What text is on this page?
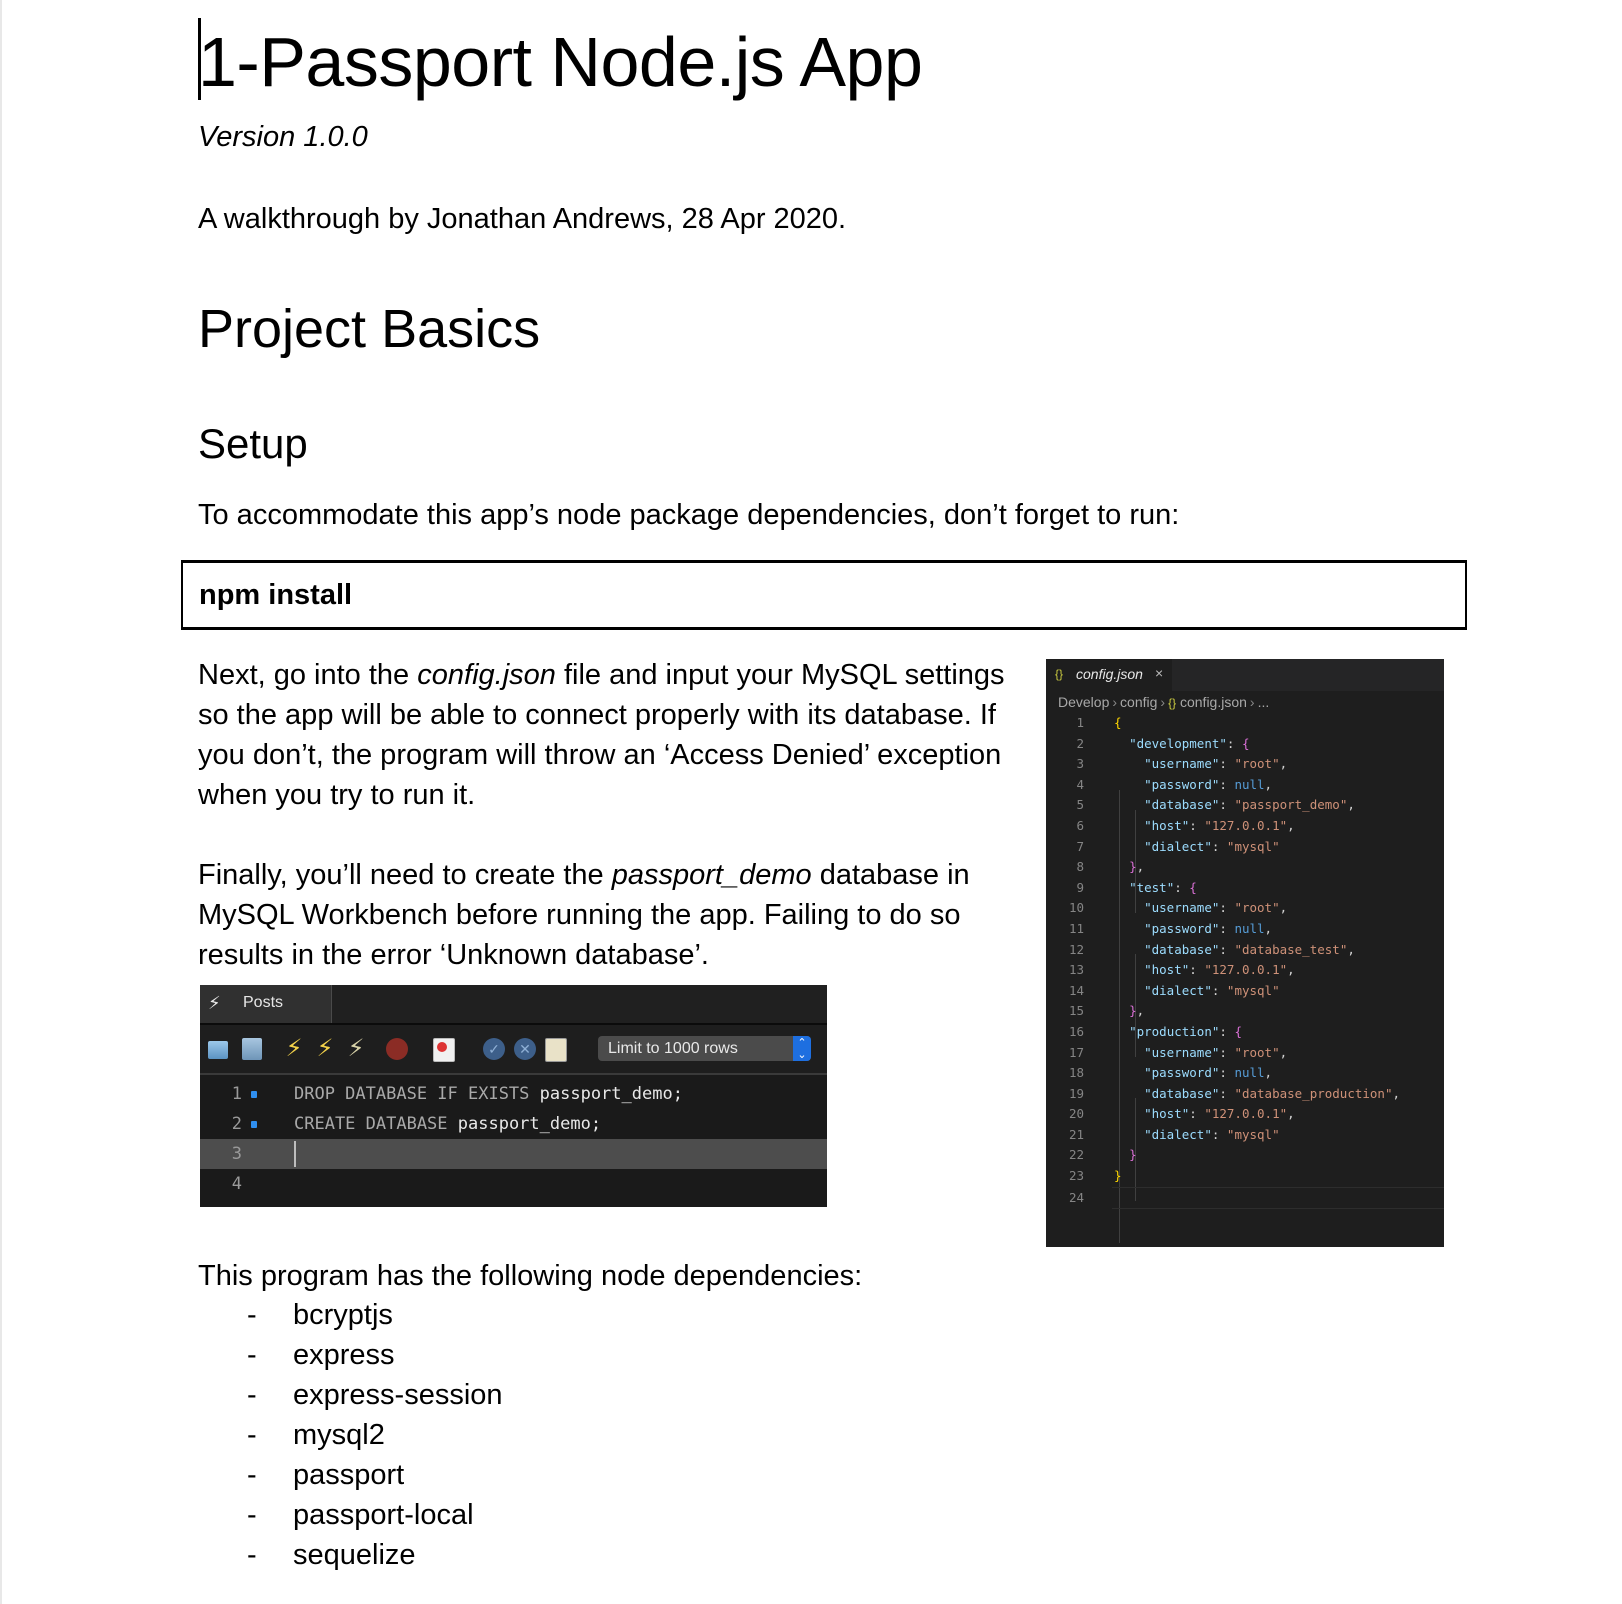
1-Passport Node.js App
Version 1.0.0
A walkthrough by Jonathan Andrews, 28 Apr 2020.
Project Basics
Setup
To accommodate this app’s node package dependencies, don’t forget to run:
npm install
Next, go into the config.json file and input your MySQL settings
so the app will be able to connect properly with its database. If
you don’t, the program will throw an ‘Access Denied’ exception
when you try to run it.
Finally, you’ll need to create the passport_demo database in
MySQL Workbench before running the app. Failing to do so
results in the error ‘Unknown database’.
⚡︎ Posts
⚡︎ ⚡︎ ⚡︎	✓	✕	Limit to 1000 rows	⌃
⌄
1	DROP DATABASE IF EXISTS passport_demo;
2	CREATE DATABASE passport_demo;
3
4
{} config.json ×
Develop › config › {} config.json › ...
1 {
2	"development": {
3	"username": "root",
4	"password": null,
5	"database": "passport_demo",
6	"host": "127.0.0.1",
7	"dialect": "mysql"
8	},
9	"test": {
10	"username": "root",
11	"password": null,
12	"database": "database_test",
13	"host": "127.0.0.1",
14	"dialect": "mysql"
15	},
16	"production": {
17	"username": "root",
18	"password": null,
19	"database": "database_production",
20	"host": "127.0.0.1",
21	"dialect": "mysql"
22	}
23 }
24
This program has the following node dependencies:
- bcryptjs
- express
- express-session
- mysql2
- passport
- passport-local
- sequelize
